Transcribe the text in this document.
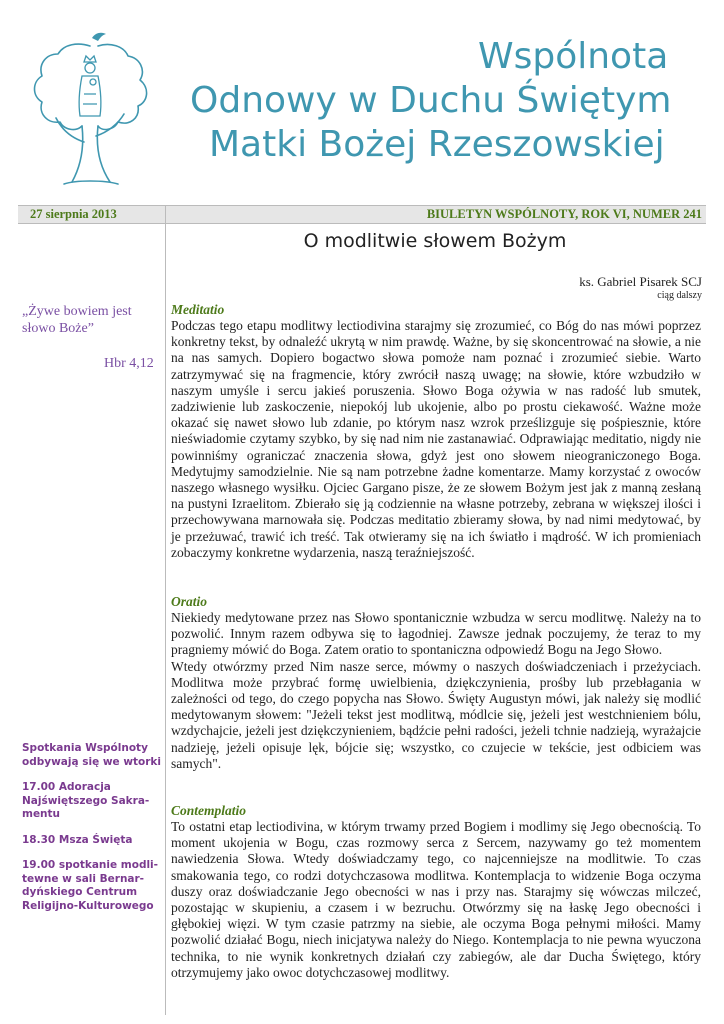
Wspólnota
Odnowy w Duchu Świętym
Matki Bożej Rzeszowskiej
27 sierpnia 2013	BIULETYN WSPÓLNOTY, ROK VI, NUMER 241
„Żywe bowiem jest słowo Boże”
Hbr 4,12

Spotkania Wspólnoty odbywają się we wtorki

17.00 Adoracja Najświętszego Sakra-mentu

18.30 Msza Święta

19.00 spotkanie modli-tewne w sali Bernar-dyńskiego Centrum Religijno-Kulturowego

O modlitwie słowem Bożym
ks. Gabriel Pisarek SCJ
ciąg dalszy
Meditatio

Podczas tego etapu modlitwy lectiodivina starajmy się zrozumieć, co Bóg do nas mówi poprzez konkretny tekst, by odnaleźć ukrytą w nim prawdę. Ważne, by się skoncentrować na słowie, a nie na nas samych. Dopiero bogactwo słowa pomoże nam poznać i zrozumieć siebie. Warto zatrzymywać się na fragmencie, który zwrócił naszą uwagę; na słowie, które wzbudziło w naszym umyśle i sercu jakieś poruszenia. Słowo Boga ożywia w nas radość lub smutek, zadziwienie lub zaskoczenie, niepokój lub ukojenie, albo po prostu ciekawość. Ważne może okazać się nawet słowo lub zdanie, po którym nasz wzrok prześlizguje się pośpiesznie, które nieświadomie czytamy szybko, by się nad nim nie zastanawiać. Odprawiając meditatio, nigdy nie powinniśmy ograniczać znaczenia słowa, gdyż jest ono słowem nieograniczonego Boga. Medytujmy samodzielnie. Nie są nam potrzebne żadne komentarze. Mamy korzystać z owoców naszego własnego wysiłku. Ojciec Gargano pisze, że ze słowem Bożym jest jak z manną zesłaną na pustyni Izraelitom. Zbierało się ją codziennie na własne potrzeby, zebrana w większej ilości i przechowywana marnowała się. Podczas meditatio zbieramy słowa, by nad nimi medytować, by je przeżuwać, trawić ich treść. Tak otwieramy się na ich światło i mądrość. W ich promieniach zobaczymy konkretne wydarzenia, naszą teraźniejszość.

Oratio

Niekiedy medytowane przez nas Słowo spontanicznie wzbudza w sercu modlitwę. Należy na to pozwolić. Innym razem odbywa się to łagodniej. Zawsze jednak poczujemy, że teraz to my pragniemy mówić do Boga. Zatem oratio to spontaniczna odpowiedź Bogu na Jego Słowo.

Wtedy otwórzmy przed Nim nasze serce, mówmy o naszych doświadczeniach i przeżyciach. Modlitwa może przybrać formę uwielbienia, dziękczynienia, prośby lub przebłagania w zależności od tego, do czego popycha nas Słowo. Święty Augustyn mówi, jak należy się modlić medytowanym słowem: "Jeżeli tekst jest modlitwą, módlcie się, jeżeli jest westchnieniem bólu, wzdychajcie, jeżeli jest dziękczynieniem, bądźcie pełni radości, jeżeli tchnie nadzieją, wyrażajcie nadzieję, jeżeli opisuje lęk, bójcie się; wszystko, co czujecie w tekście, jest odbiciem was samych".

Contemplatio

To ostatni etap lectiodivina, w którym trwamy przed Bogiem i modlimy się Jego obecnością. To moment ukojenia w Bogu, czas rozmowy serca z Sercem, nazywamy go też momentem nawiedzenia Słowa. Wtedy doświadczamy tego, co najcenniejsze na modlitwie. To czas smakowania tego, co rodzi dotychczasowa modlitwa. Kontemplacja to widzenie Boga oczyma duszy oraz doświadczanie Jego obecności w nas i przy nas. Starajmy się wówczas milczeć, pozostając w skupieniu, a czasem i w bezruchu. Otwórzmy się na łaskę Jego obecności i głębokiej więzi. W tym czasie patrzmy na siebie, ale oczyma Boga pełnymi miłości. Mamy pozwolić działać Bogu, niech inicjatywa należy do Niego. Kontemplacja to nie pewna wyuczona technika, to nie wynik konkretnych działań czy zabiegów, ale dar Ducha Świętego, który otrzymujemy jako owoc dotychczasowej modlitwy.
